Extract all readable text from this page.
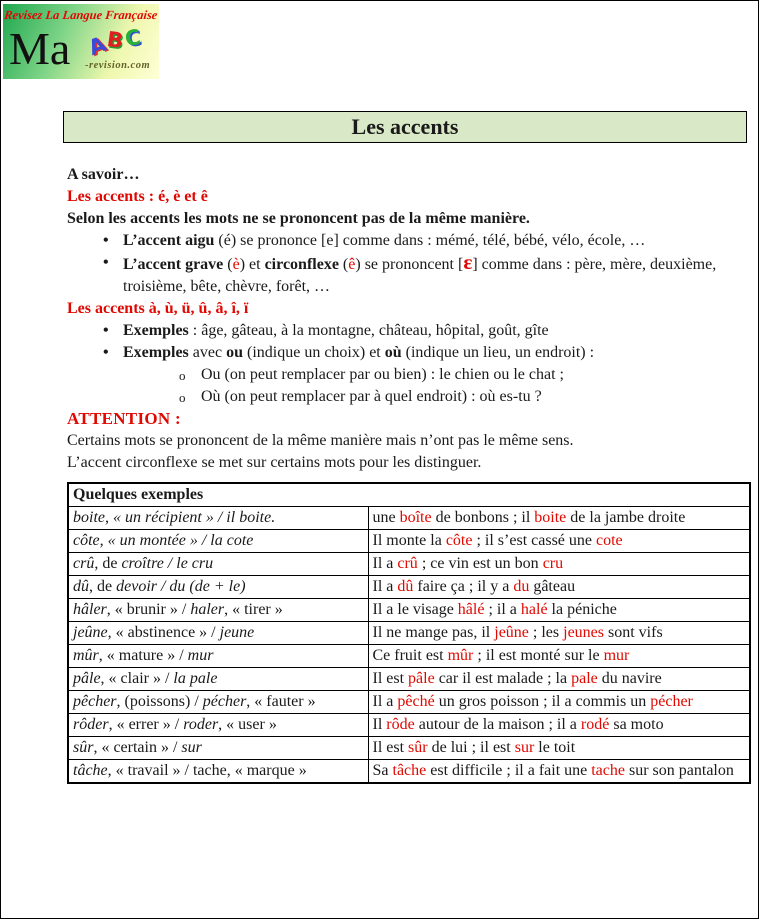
Revisez La Langue Française
Ma A
B
C
-revision.com
Les accents

A savoir…

Les accents : é, è et ê

Selon les accents les mots ne se prononcent pas de la même manière.

• L’accent aigu (é) se prononce [e] comme dans : mémé, télé, bébé, vélo, école, …
• L’accent grave (è) et circonflexe (ê) se prononcent [ɛ] comme dans : père, mère, deuxième, troisième, bête, chèvre, forêt, …

Les accents à, ù, ü, û, â, î, ï

• Exemples : âge, gâteau, à la montagne, château, hôpital, goût, gîte
• Exemples avec ou (indique un choix) et où (indique un lieu, un endroit) :
o Ou (on peut remplacer par ou bien) : le chien ou le chat ;
o Où (on peut remplacer par à quel endroit) : où es-tu ?

ATTENTION :

Certains mots se prononcent de la même manière mais n’ont pas le même sens.

L’accent circonflexe se met sur certains mots pour les distinguer.

Quelques exemples	
boite, « un récipient » / il boite.	une boîte de bonbons ; il boite de la jambe droite
côte, « un montée » / la cote	Il monte la côte ; il s’est cassé une cote
crû, de croître / le cru	Il a crû ; ce vin est un bon cru
dû, de devoir / du (de + le)	Il a dû faire ça ; il y a du gâteau
hâler, « brunir » / haler, « tirer »	Il a le visage hâlé ; il a halé la péniche
jeûne, « abstinence » / jeune	Il ne mange pas, il jeûne ; les jeunes sont vifs
mûr, « mature » / mur	Ce fruit est mûr ; il est monté sur le mur
pâle, « clair » / la pale	Il est pâle car il est malade ; la pale du navire
pêcher, (poissons) / pécher, « fauter »	Il a pêché un gros poisson ; il a commis un pécher
rôder, « errer » / roder, « user »	Il rôde autour de la maison ; il a rodé sa moto
sûr, « certain » / sur	Il est sûr de lui ; il est sur le toit
tâche, « travail » / tache, « marque »	Sa tâche est difficile ; il a fait une tache sur son pantalon
